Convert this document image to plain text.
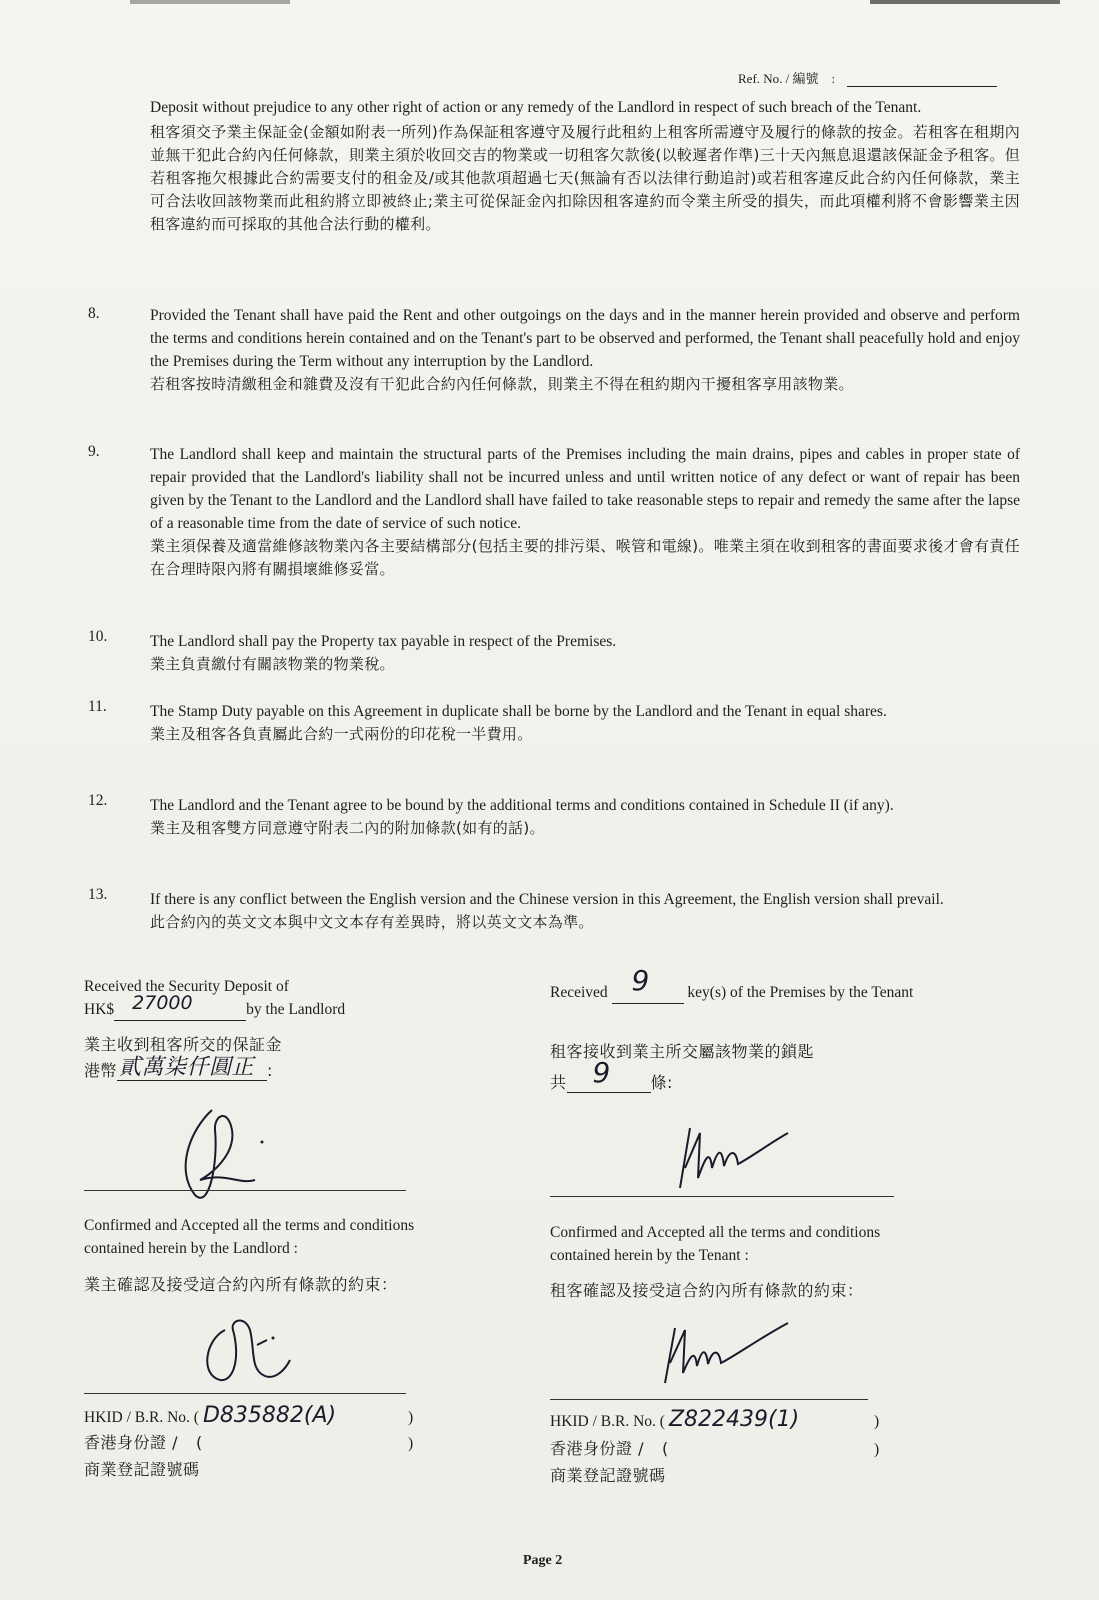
Ref. No. / 編號　:

Deposit without prejudice to any other right of action or any remedy of the Landlord in respect of such breach of the Tenant.

租客須交予業主保証金(金額如附表一所列)作為保証租客遵守及履行此租約上租客所需遵守及履行的條款的按金。若租客在租期內並無干犯此合約內任何條款，則業主須於收回交吉的物業或一切租客欠款後(以較遲者作準)三十天內無息退還該保証金予租客。但若租客拖欠根據此合約需要支付的租金及/或其他款項超過七天(無論有否以法律行動追討)或若租客違反此合約內任何條款，業主可合法收回該物業而此租約將立即被終止;業主可從保証金內扣除因租客違約而令業主所受的損失，而此項權利將不會影響業主因租客違約而可採取的其他合法行動的權利。

8.	Provided the Tenant shall have paid the Rent and other outgoings on the days and in the manner herein provided and observe and perform the terms and conditions herein contained and on the Tenant's part to be observed and performed, the Tenant shall peacefully hold and enjoy the Premises during the Term without any interruption by the Landlord.

若租客按時清繳租金和雜費及沒有干犯此合約內任何條款，則業主不得在租約期內干擾租客享用該物業。

9.	The Landlord shall keep and maintain the structural parts of the Premises including the main drains, pipes and cables in proper state of repair provided that the Landlord's liability shall not be incurred unless and until written notice of any defect or want of repair has been given by the Tenant to the Landlord and the Landlord shall have failed to take reasonable steps to repair and remedy the same after the lapse of a reasonable time from the date of service of such notice.

業主須保養及適當維修該物業內各主要結構部分(包括主要的排污渠、喉管和電線)。唯業主須在收到租客的書面要求後才會有責任在合理時限內將有關損壞維修妥當。

10.	The Landlord shall pay the Property tax payable in respect of the Premises.

業主負責繳付有關該物業的物業稅。

11.	The Stamp Duty payable on this Agreement in duplicate shall be borne by the Landlord and the Tenant in equal shares.

業主及租客各負責屬此合約一式兩份的印花稅一半費用。

12.	The Landlord and the Tenant agree to be bound by the additional terms and conditions contained in Schedule II (if any).

業主及租客雙方同意遵守附表二內的附加條款(如有的話)。

13.	If there is any conflict between the English version and the Chinese version in this Agreement, the English version shall prevail.

此合約內的英文文本與中文文本存有差異時，將以英文文本為準。

Received the Security Deposit of
HK$ 27000	by the Landlord
業主收到租客所交的保証金
港幣 貳萬柒仟圓正 :
Confirmed and Accepted all the terms and conditions
contained herein by the Landlord :
業主確認及接受這合約內所有條款的約束：
HKID / B.R. No. ( D835882(A)	)
香港身份證 / (	)
商業登記證號碼
Received 9 key(s) of the Premises by the Tenant
租客接收到業主所交屬該物業的鎖匙
共 9 條:
Confirmed and Accepted all the terms and conditions
contained herein by the Tenant :
租客確認及接受這合約內所有條款的約束：
HKID / B.R. No. ( Z822439(1)	)
香港身份證 / (	)
商業登記證號碼
Page 2
